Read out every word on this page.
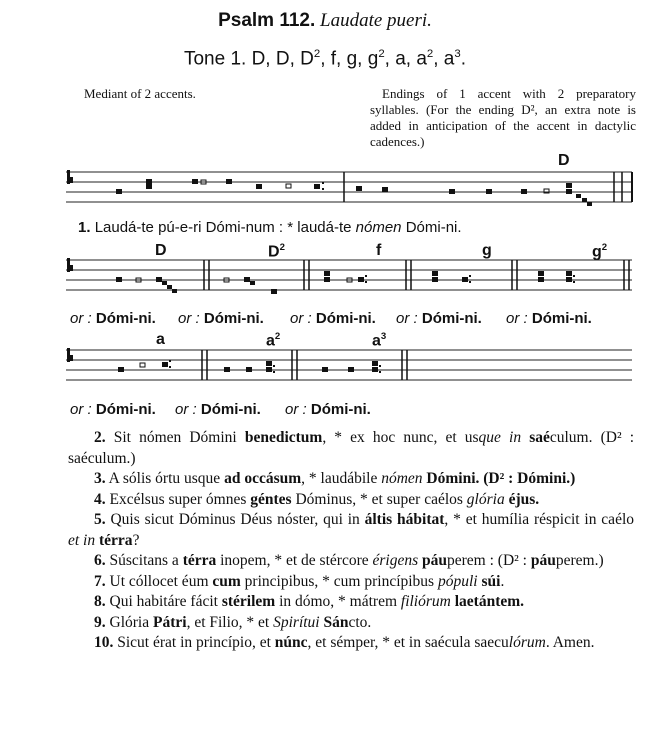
Psalm 112. Laudate pueri.
Tone 1. D, D, $D^2$, f, g, $g^2$, a, $a^2$, $a^3$.
Mediant of 2 accents.	Endings of 1 accent with 2 preparatory syllables. (For the ending D², an extra note is added in anticipation of the accent in dactylic cadences.)
D
1. Laudá-te pú-e-ri Dómi-num : * laudá-te nómen Dómi-ni.
D	$D^2$	f	g	$g^2$
or : Dómi-ni. or : Dómi-ni. or : Dómi-ni. or : Dómi-ni. or : Dómi-ni.
a	$a^2$	$a^3$
or : Dómi-ni. or : Dómi-ni. or : Dómi-ni.

2. Sit nómen Dómini benedictum, * ex hoc nunc, et usque in saéculum. (D² : saéculum.)

3. A sólis órtu usque ad occásum, * laudábile nómen Dómini. (D² : Dómini.)

4. Excélsus super ómnes géntes Dóminus, * et super caélos glória éjus.

5. Quis sicut Dóminus Déus nóster, qui in áltis hábitat, * et humília réspicit in caélo et in térra?

6. Súscitans a térra inopem, * et de stércore érigens páuperem : (D² : páuperem.)

7. Ut cóllocet éum cum principibus, * cum princípibus pópuli súi.

8. Qui habitáre fácit stérilem in dómo, * mátrem filiórum laetántem.

9. Glória Pátri, et Filio, * et Spirítui Sáncto.

10. Sicut érat in princípio, et núnc, et sémper, * et in saécula saeculórum. Amen.
